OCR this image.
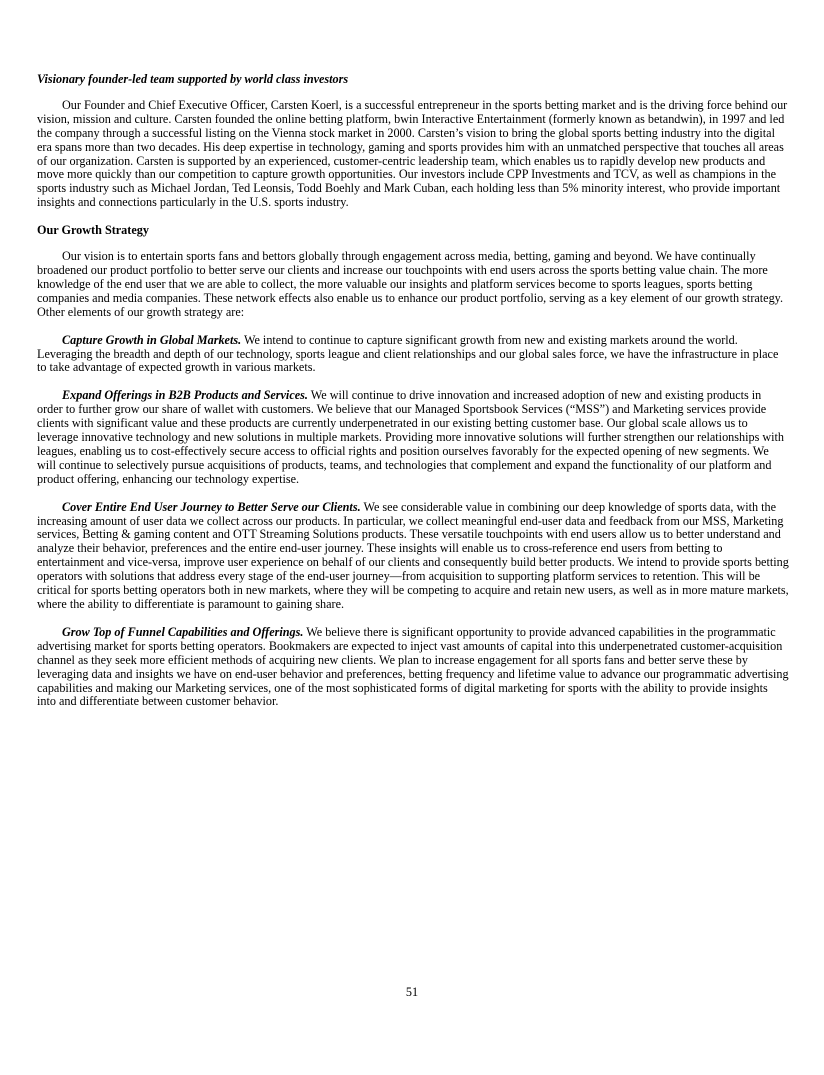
Visionary founder-led team supported by world class investors

Our Founder and Chief Executive Officer, Carsten Koerl, is a successful entrepreneur in the sports betting market and is the driving force behind our vision, mission and culture. Carsten founded the online betting platform, bwin Interactive Entertainment (formerly known as betandwin), in 1997 and led the company through a successful listing on the Vienna stock market in 2000. Carsten’s vision to bring the global sports betting industry into the digital era spans more than two decades. His deep expertise in technology, gaming and sports provides him with an unmatched perspective that touches all areas of our organization. Carsten is supported by an experienced, customer-centric leadership team, which enables us to rapidly develop new products and move more quickly than our competition to capture growth opportunities. Our investors include CPP Investments and TCV, as well as champions in the sports industry such as Michael Jordan, Ted Leonsis, Todd Boehly and Mark Cuban, each holding less than 5% minority interest, who provide important insights and connections particularly in the U.S. sports industry.

Our Growth Strategy

Our vision is to entertain sports fans and bettors globally through engagement across media, betting, gaming and beyond. We have continually broadened our product portfolio to better serve our clients and increase our touchpoints with end users across the sports betting value chain. The more knowledge of the end user that we are able to collect, the more valuable our insights and platform services become to sports leagues, sports betting companies and media companies. These network effects also enable us to enhance our product portfolio, serving as a key element of our growth strategy. Other elements of our growth strategy are:

Capture Growth in Global Markets. We intend to continue to capture significant growth from new and existing markets around the world. Leveraging the breadth and depth of our technology, sports league and client relationships and our global sales force, we have the infrastructure in place to take advantage of expected growth in various markets.

Expand Offerings in B2B Products and Services. We will continue to drive innovation and increased adoption of new and existing products in order to further grow our share of wallet with customers. We believe that our Managed Sportsbook Services (“MSS”) and Marketing services provide clients with significant value and these products are currently underpenetrated in our existing betting customer base. Our global scale allows us to leverage innovative technology and new solutions in multiple markets. Providing more innovative solutions will further strengthen our relationships with leagues, enabling us to cost-effectively secure access to official rights and position ourselves favorably for the expected opening of new segments. We will continue to selectively pursue acquisitions of products, teams, and technologies that complement and expand the functionality of our platform and product offering, enhancing our technology expertise.

Cover Entire End User Journey to Better Serve our Clients. We see considerable value in combining our deep knowledge of sports data, with the increasing amount of user data we collect across our products. In particular, we collect meaningful end-user data and feedback from our MSS, Marketing services, Betting & gaming content and OTT Streaming Solutions products. These versatile touchpoints with end users allow us to better understand and analyze their behavior, preferences and the entire end-user journey. These insights will enable us to cross-reference end users from betting to entertainment and vice-versa, improve user experience on behalf of our clients and consequently build better products. We intend to provide sports betting operators with solutions that address every stage of the end-user journey—from acquisition to supporting platform services to retention. This will be critical for sports betting operators both in new markets, where they will be competing to acquire and retain new users, as well as in more mature markets, where the ability to differentiate is paramount to gaining share.

Grow Top of Funnel Capabilities and Offerings. We believe there is significant opportunity to provide advanced capabilities in the programmatic advertising market for sports betting operators. Bookmakers are expected to inject vast amounts of capital into this underpenetrated customer-acquisition channel as they seek more efficient methods of acquiring new clients. We plan to increase engagement for all sports fans and better serve these by leveraging data and insights we have on end-user behavior and preferences, betting frequency and lifetime value to advance our programmatic advertising capabilities and making our Marketing services, one of the most sophisticated forms of digital marketing for sports with the ability to provide insights into and differentiate between customer behavior.

51
